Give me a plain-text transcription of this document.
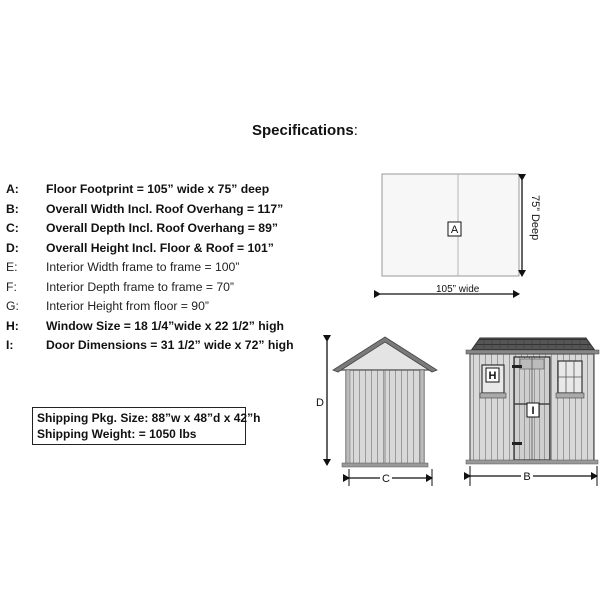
Specifications:
A: Floor Footprint = 105” wide x 75” deep
B: Overall Width Incl. Roof Overhang = 117”
C: Overall Depth Incl. Roof Overhang = 89”
D: Overall Height Incl. Floor & Roof = 101”
E: Interior Width frame to frame = 100”
F: Interior Depth frame to frame = 70”
G: Interior Height from floor = 90”
H: Window Size = 18 1/4”wide x 22 1/2” high
I:	Door Dimensions = 31 1/2” wide x 72” high
Shipping Pkg. Size: 88”w x 48”d x 42”h
Shipping Weight: = 1050 lbs
A	75” Deep
105” wide
D
C
I
H
B
